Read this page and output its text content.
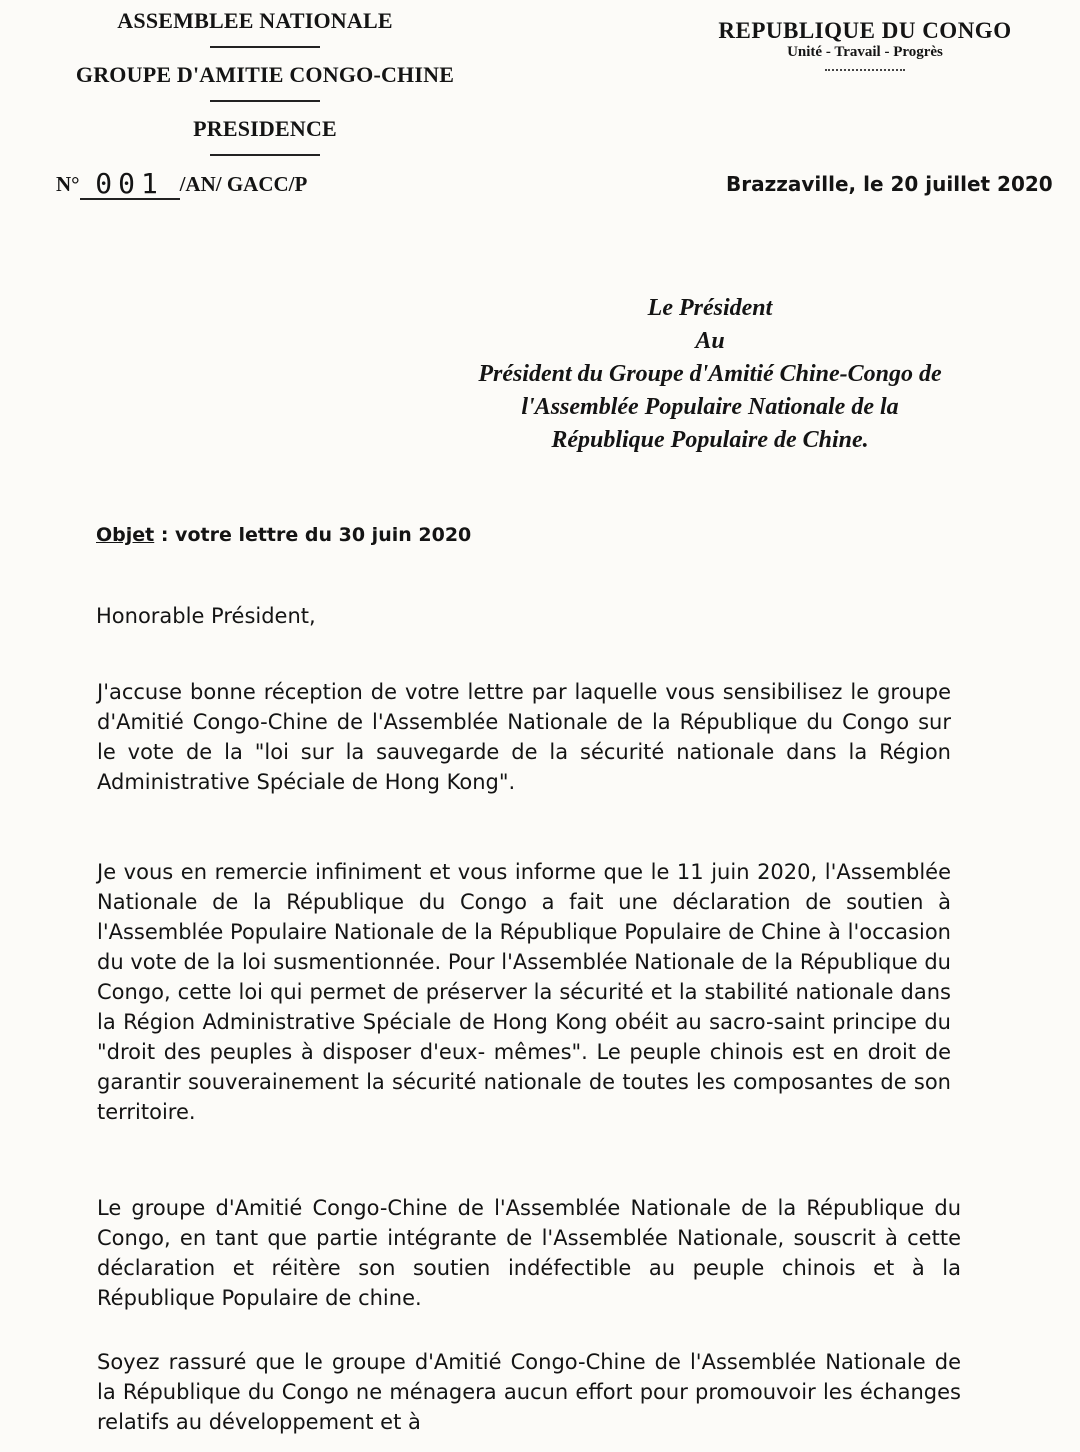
ASSEMBLEE NATIONALE
GROUPE D'AMITIE CONGO-CHINE
PRESIDENCE
N° 001 /AN/ GACC/P
REPUBLIQUE DU CONGO
Unité - Travail - Progrès
Brazzaville, le 20 juillet 2020
Le Président
Au
Président du Groupe d'Amitié Chine-Congo de
l'Assemblée Populaire Nationale de la
République Populaire de Chine.
Objet : votre lettre du 30 juin 2020
Honorable Président,

J'accuse bonne réception de votre lettre par laquelle vous sensibilisez le groupe d'Amitié Congo-Chine de l'Assemblée Nationale de la République du Congo sur le vote de la "loi sur la sauvegarde de la sécurité nationale dans la Région Administrative Spéciale de Hong Kong".

Je vous en remercie infiniment et vous informe que le 11 juin 2020, l'Assemblée Nationale de la République du Congo a fait une déclaration de soutien à l'Assemblée Populaire Nationale de la République Populaire de Chine à l'occasion du vote de la loi susmentionnée. Pour l'Assemblée Nationale de la République du Congo, cette loi qui permet de préserver la sécurité et la stabilité nationale dans la Région Administrative Spéciale de Hong Kong obéit au sacro-saint principe du "droit des peuples à disposer d'eux- mêmes". Le peuple chinois est en droit de garantir souverainement la sécurité nationale de toutes les composantes de son territoire.

Le groupe d'Amitié Congo-Chine de l'Assemblée Nationale de la République du Congo, en tant que partie intégrante de l'Assemblée Nationale, souscrit à cette déclaration et réitère son soutien indéfectible au peuple chinois et à la République Populaire de chine.

Soyez rassuré que le groupe d'Amitié Congo-Chine de l'Assemblée Nationale de la République du Congo ne ménagera aucun effort pour promouvoir les échanges relatifs au développement et à
